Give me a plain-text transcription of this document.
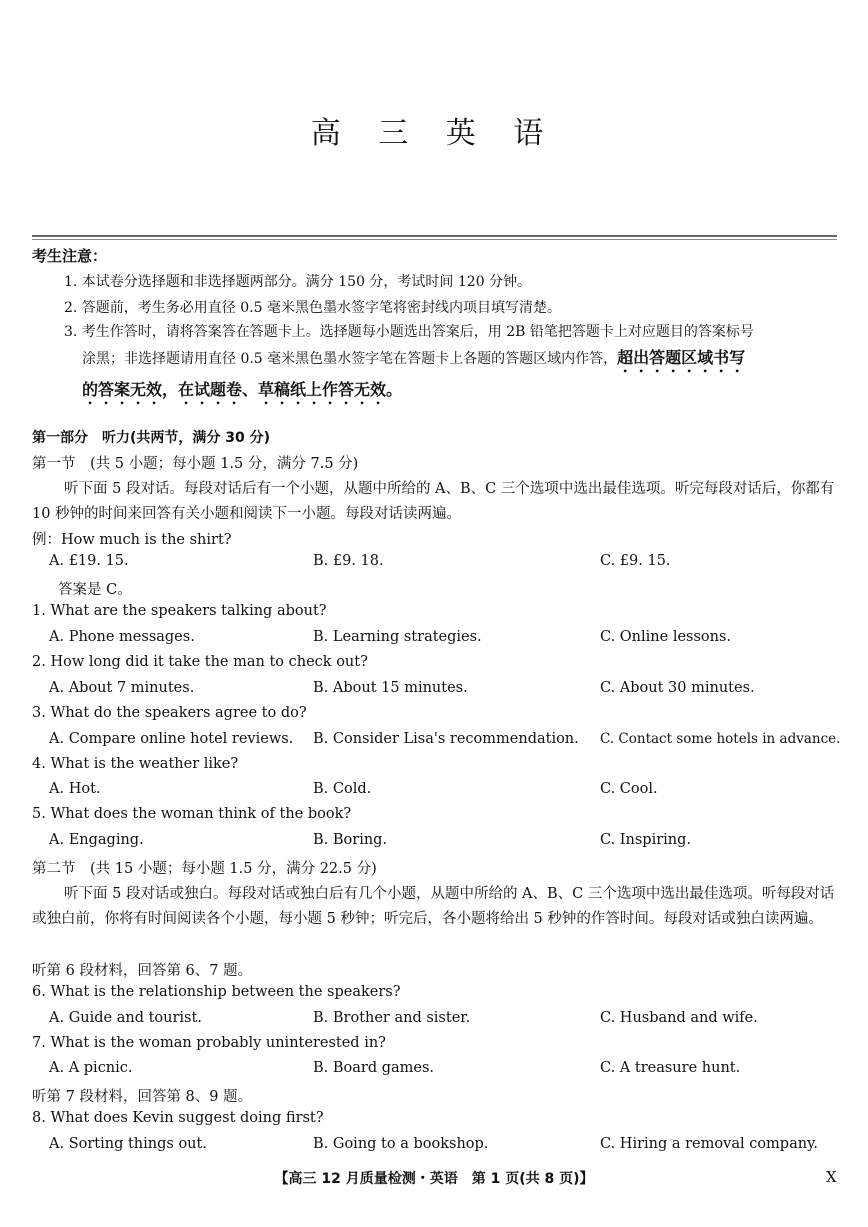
高 三 英 语
考生注意：
1. 本试卷分选择题和非选择题两部分。满分 150 分，考试时间 120 分钟。
2. 答题前，考生务必用直径 0.5 毫米黑色墨水签字笔将密封线内项目填写清楚。
3. 考生作答时，请将答案答在答题卡上。选择题每小题选出答案后，用 2B 铅笔把答题卡上对应题目的答案标号
涂黑；非选择题请用直径 0.5 毫米黑色墨水签字笔在答题卡上各题的答题区域内作答，超出答题区域书写
的答案无效，在试题卷、草稿纸上作答无效。
第一部分　听力(共两节，满分 30 分)
第一节　(共 5 小题；每小题 1.5 分，满分 7.5 分)
听下面 5 段对话。每段对话后有一个小题，从题中所给的 A、B、C 三个选项中选出最佳选项。听完每段对话后，你都有 10 秒钟的时间来回答有关小题和阅读下一小题。每段对话读两遍。
例：How much is the shirt?
A. £19. 15.	B. £9. 18.	C. £9. 15.
答案是 C。
1. What are the speakers talking about?
A. Phone messages.	B. Learning strategies.	C. Online lessons.
2. How long did it take the man to check out?
A. About 7 minutes.	B. About 15 minutes.	C. About 30 minutes.
3. What do the speakers agree to do?
A. Compare online hotel reviews. B. Consider Lisa's recommendation. C. Contact some hotels in advance.
4. What is the weather like?
A. Hot.	B. Cold.	C. Cool.
5. What does the woman think of the book?
A. Engaging.	B. Boring.	C. Inspiring.
第二节　(共 15 小题；每小题 1.5 分，满分 22.5 分)
听下面 5 段对话或独白。每段对话或独白后有几个小题，从题中所给的 A、B、C 三个选项中选出最佳选项。听每段对话或独白前，你将有时间阅读各个小题，每小题 5 秒钟；听完后，各小题将给出 5 秒钟的作答时间。每段对话或独白读两遍。
听第 6 段材料，回答第 6、7 题。
6. What is the relationship between the speakers?
A. Guide and tourist.	B. Brother and sister.	C. Husband and wife.
7. What is the woman probably uninterested in?
A. A picnic.	B. Board games.	C. A treasure hunt.
听第 7 段材料，回答第 8、9 题。
8. What does Kevin suggest doing first?
A. Sorting things out.	B. Going to a bookshop.	C. Hiring a removal company.
【高三 12 月质量检测・英语　第 1 页(共 8 页)】	X
